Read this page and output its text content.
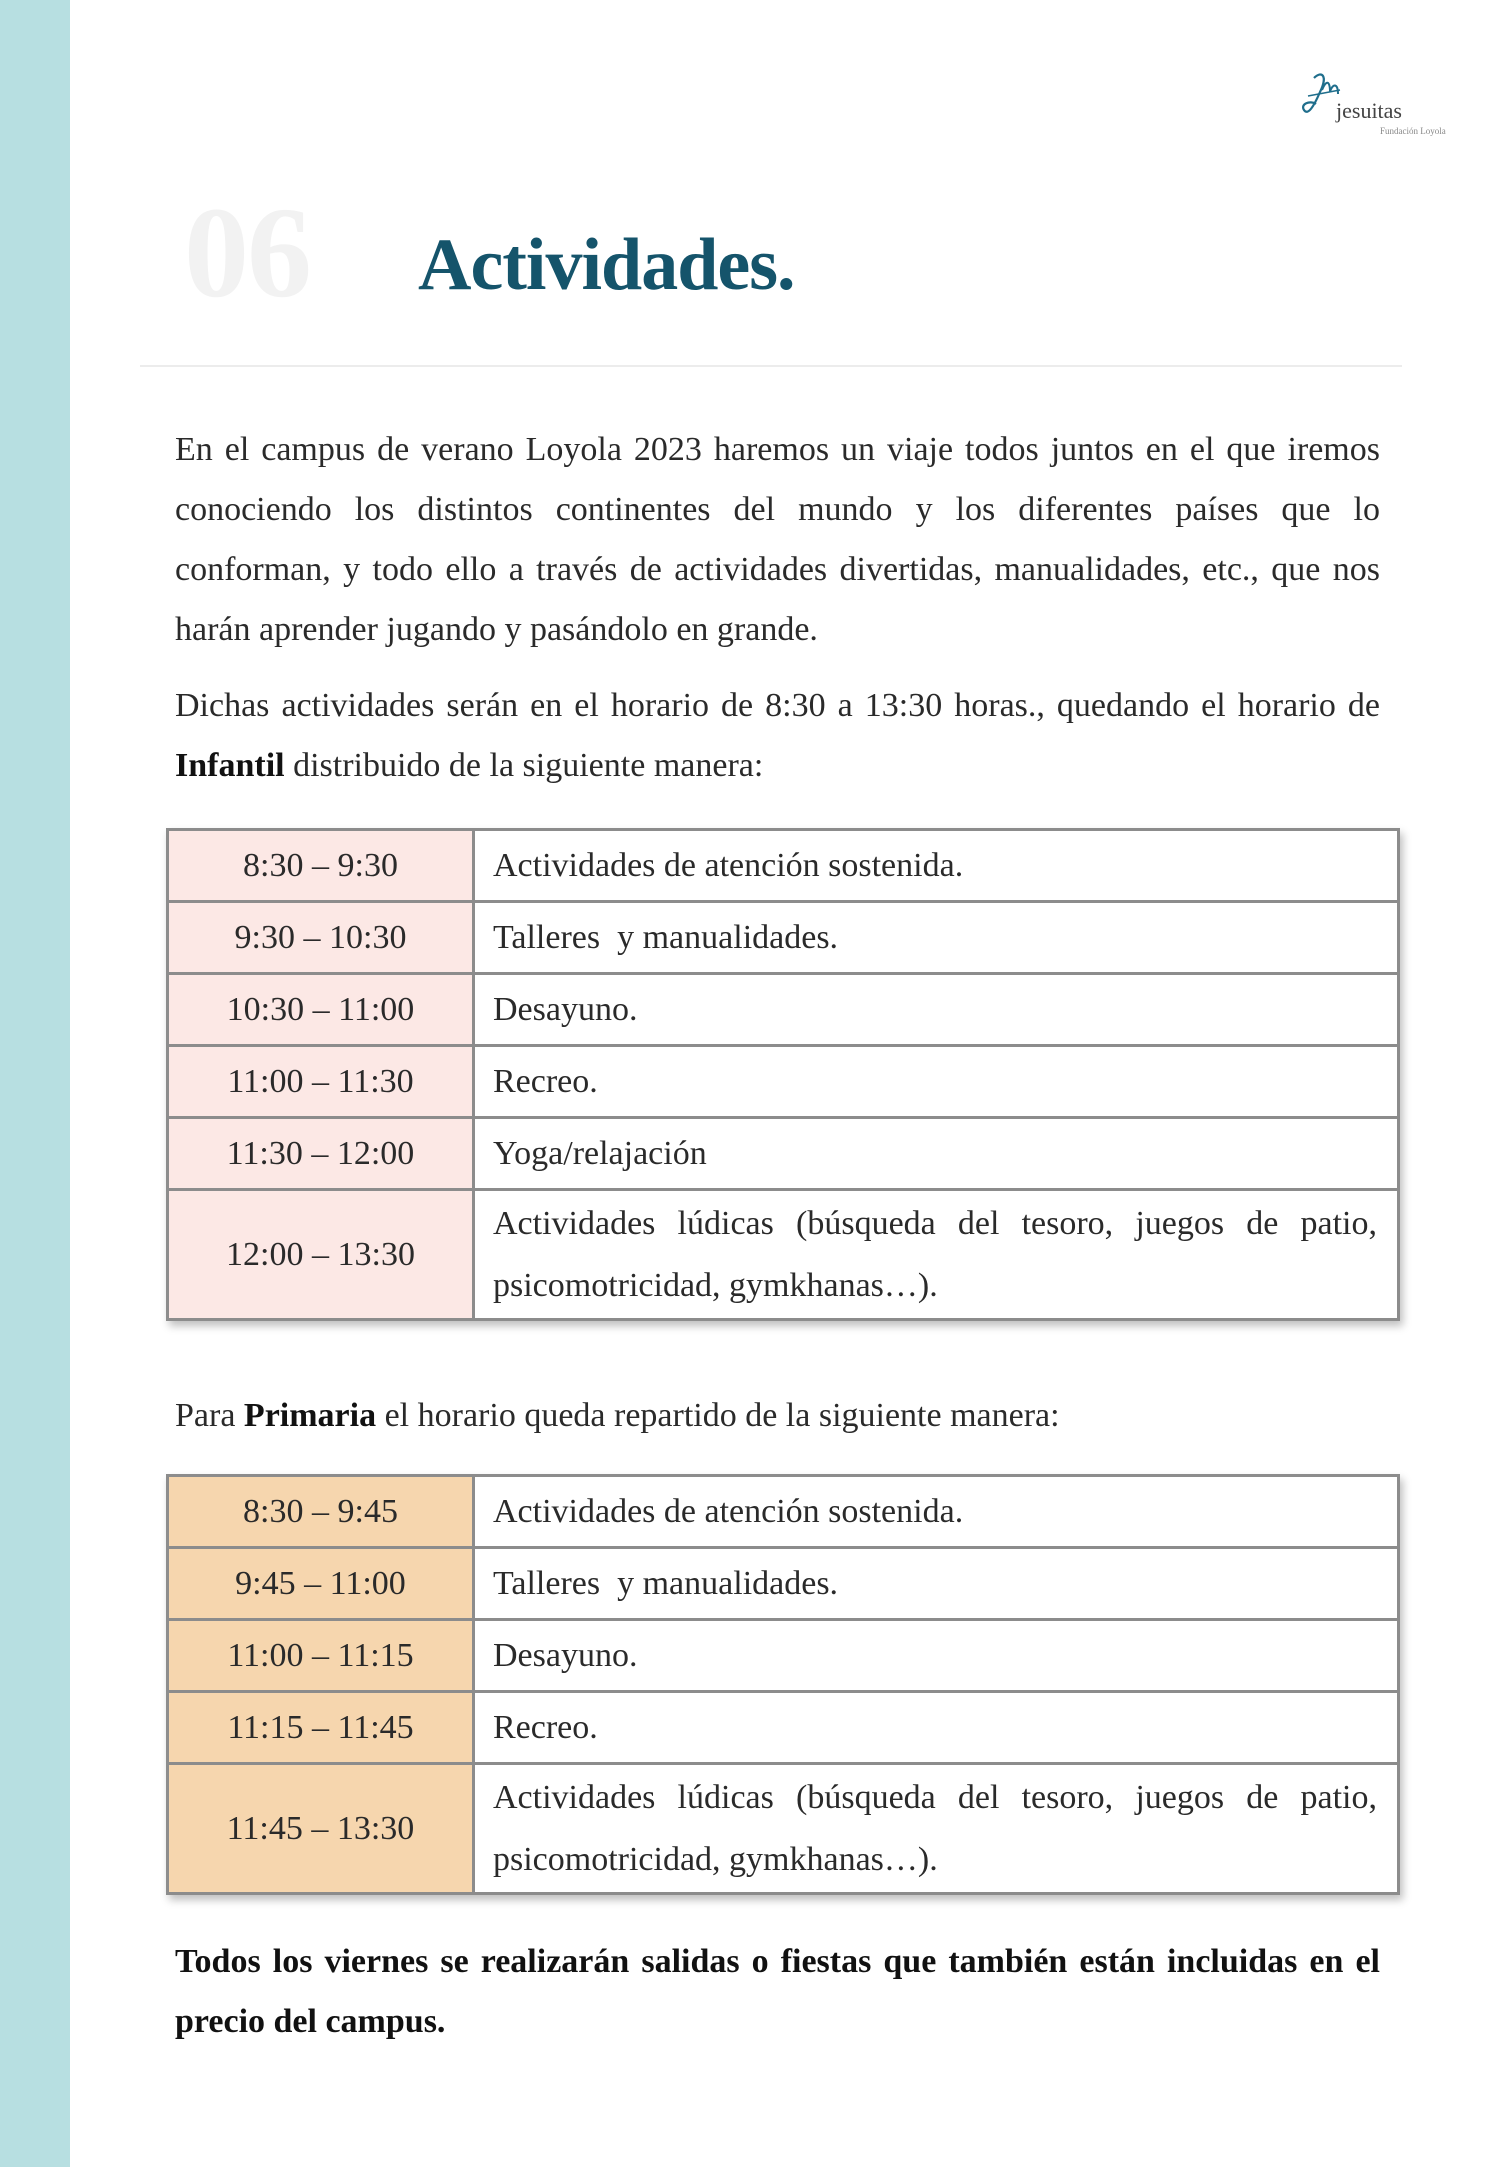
jesuitas
Fundación Loyola
06 Actividades.
En el campus de verano Loyola 2023 haremos un viaje todos juntos en el que iremos conociendo los distintos continentes del mundo y los diferentes países que lo conforman, y todo ello a través de actividades divertidas, manualidades, etc., que nos harán aprender jugando y pasándolo en grande.
Dichas actividades serán en el horario de 8:30 a 13:30 horas., quedando el horario de Infantil distribuido de la siguiente manera:
8:30 – 9:30	Actividades de atención sostenida.
9:30 – 10:30	Talleres  y manualidades.
10:30 – 11:00	Desayuno.
11:00 – 11:30	Recreo.
11:30 – 12:00	Yoga/relajación
12:00 – 13:30	Actividades lúdicas (búsqueda del tesoro, juegos de patio, psicomotricidad, gymkhanas…).
Para Primaria el horario queda repartido de la siguiente manera:
8:30 – 9:45	Actividades de atención sostenida.
9:45 – 11:00	Talleres  y manualidades.
11:00 – 11:15	Desayuno.
11:15 – 11:45	Recreo.
11:45 – 13:30	Actividades lúdicas (búsqueda del tesoro, juegos de patio, psicomotricidad, gymkhanas…).
Todos los viernes se realizarán salidas o fiestas que también están incluidas en el precio del campus.
